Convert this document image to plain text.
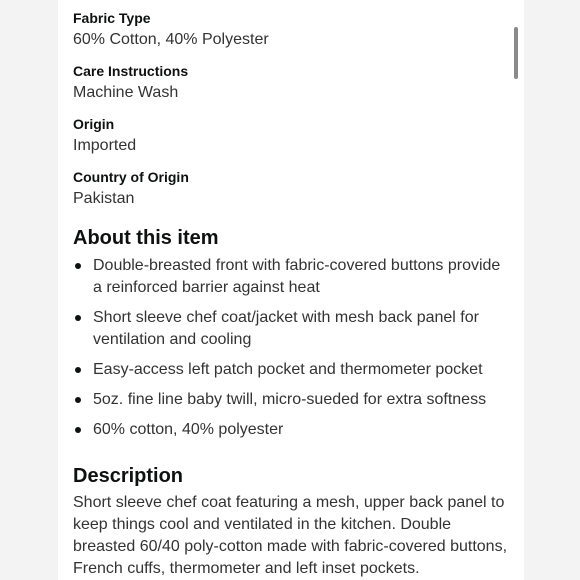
Fabric Type
60% Cotton, 40% Polyester
Care Instructions
Machine Wash
Origin
Imported
Country of Origin
Pakistan
About this item
Double-breasted front with fabric-covered buttons provide a reinforced barrier against heat
Short sleeve chef coat/jacket with mesh back panel for ventilation and cooling
Easy-access left patch pocket and thermometer pocket
5oz. fine line baby twill, micro-sueded for extra softness
60% cotton, 40% polyester
Description
Short sleeve chef coat featuring a mesh, upper back panel to keep things cool and ventilated in the kitchen. Double breasted 60/40 poly-cotton made with fabric-covered buttons, French cuffs, thermometer and left inset pockets.
